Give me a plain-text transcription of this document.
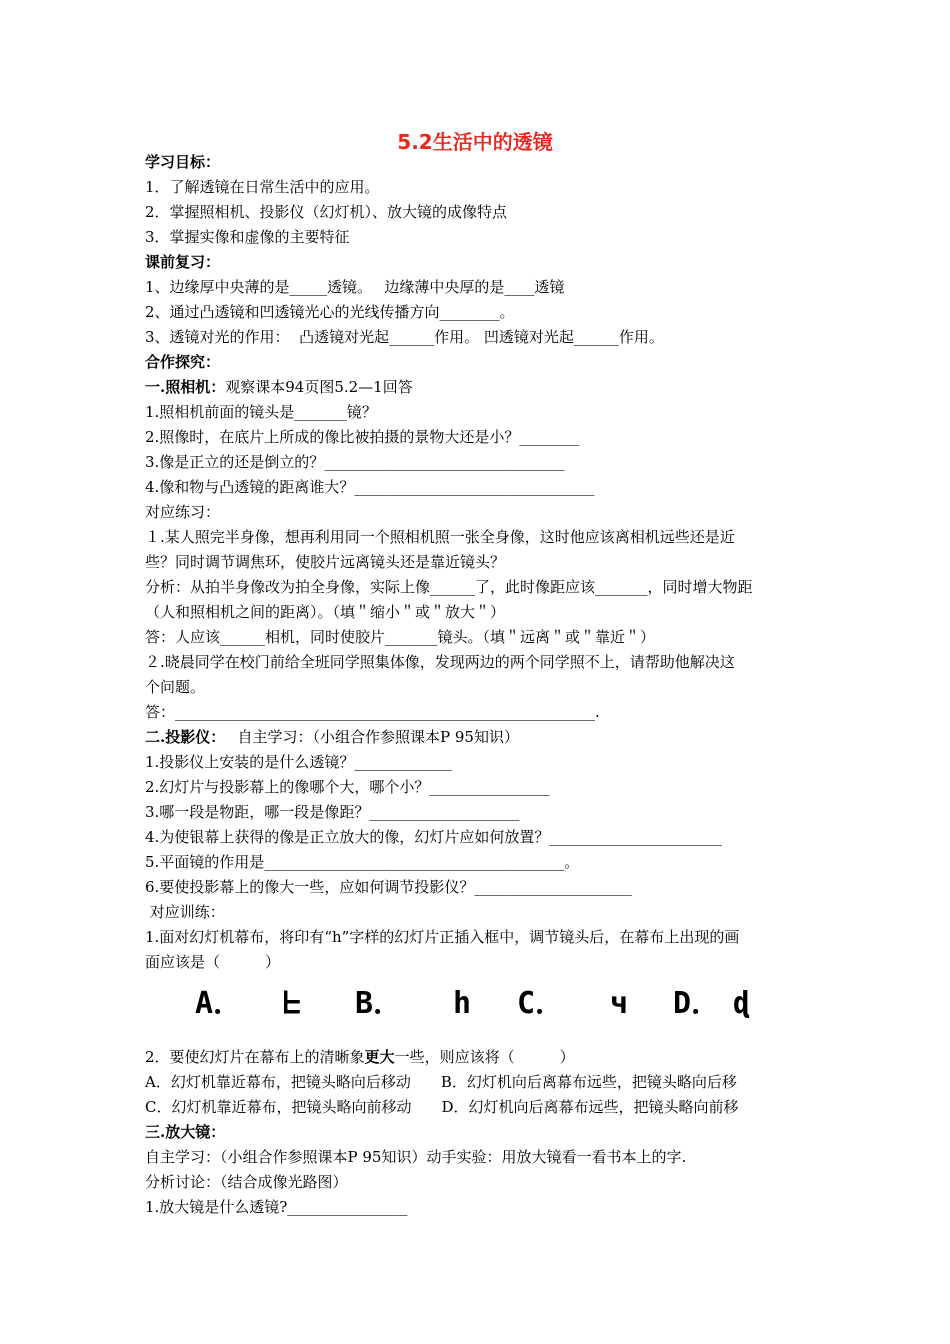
5.2生活中的透镜
学习目标：
1．了解透镜在日常生活中的应用。
2．掌握照相机、投影仪（幻灯机）、放大镜的成像特点
3．掌握实像和虚像的主要特征
课前复习：
1、边缘厚中央薄的是_____透镜。　 边缘薄中央厚的是____透镜
2、通过凸透镜和凹透镜光心的光线传播方向________。
3、透镜对光的作用：  凸透镜对光起______作用。 凹透镜对光起______作用。
合作探究：
一.照相机：观察课本94页图5.2—1回答
1.照相机前面的镜头是_______镜？
2.照像时，在底片上所成的像比被拍摄的景物大还是小？________
3.像是正立的还是倒立的？________________________________
4.像和物与凸透镜的距离谁大？________________________________
对应练习：
１.某人照完半身像，想再利用同一个照相机照一张全身像，这时他应该离相机远些还是近
些？同时调节调焦环，使胶片远离镜头还是靠近镜头？
分析：从拍半身像改为拍全身像，实际上像______了，此时像距应该_______，同时增大物距
（人和照相机之间的距离）。（填＂缩小＂或＂放大＂）
答：人应该______相机，同时使胶片_______镜头。（填＂远离＂或＂靠近＂）
２.晓晨同学在校门前给全班同学照集体像，发现两边的两个同学照不上，请帮助他解决这
个问题。
答：________________________________________________________.
二.投影仪：　 自主学习：（小组合作参照课本P 95知识）
1.投影仪上安装的是什么透镜？_____________
2.幻灯片与投影幕上的像哪个大，哪个小？________________
3.哪一段是物距，哪一段是像距？____________________
4.为使银幕上获得的像是正立放大的像，幻灯片应如何放置？_______________________
5.平面镜的作用是________________________________________。
6.要使投影幕上的像大一些，应如何调节投影仪？_____________________
对应训练：
1.面对幻灯机幕布，将印有“h”字样的幻灯片正插入框中，调节镜头后，在幕布上出现的画
面应该是（　　　）
A． ᖶ B． h C． ч D． ɖ
2．要使幻灯片在幕布上的清晰象更大一些，则应该将（　　　）
A．幻灯机靠近幕布，把镜头略向后移动　　B．幻灯机向后离幕布远些，把镜头略向后移
C．幻灯机靠近幕布，把镜头略向前移动　　D．幻灯机向后离幕布远些，把镜头略向前移
三.放大镜：
自主学习：（小组合作参照课本P 95知识）动手实验：用放大镜看一看书本上的字.
分析讨论：（结合成像光路图）
1.放大镜是什么透镜?________________
